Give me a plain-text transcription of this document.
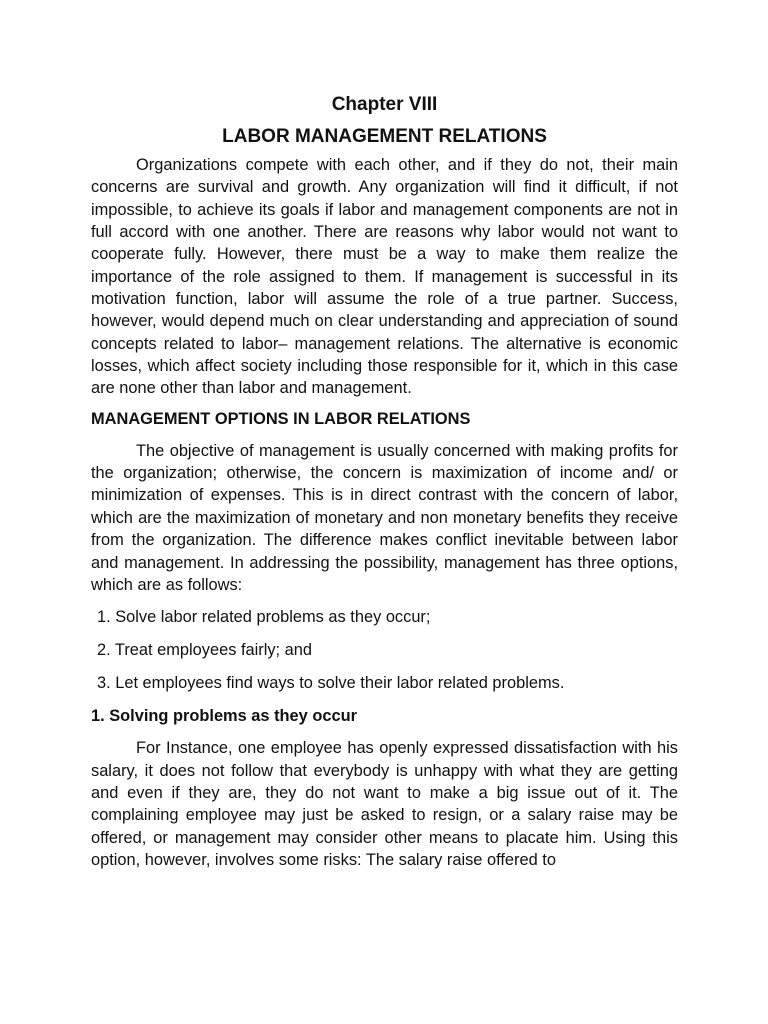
Chapter VIII
LABOR MANAGEMENT RELATIONS

Organizations compete with each other, and if they do not, their main concerns are survival and growth. Any organization will find it difficult, if not impossible, to achieve its goals if labor and management components are not in full accord with one another. There are reasons why labor would not want to cooperate fully. However, there must be a way to make them realize the importance of the role assigned to them. If management is successful in its motivation function, labor will assume the role of a true partner. Success, however, would depend much on clear understanding and appreciation of sound concepts related to labor– management relations. The alternative is economic losses, which affect society including those responsible for it, which in this case are none other than labor and management.

MANAGEMENT OPTIONS IN LABOR RELATIONS

The objective of management is usually concerned with making profits for the organization; otherwise, the concern is maximization of income and/ or minimization of expenses. This is in direct contrast with the concern of labor, which are the maximization of monetary and non monetary benefits they receive from the organization. The difference makes conflict inevitable between labor and management. In addressing the possibility, management has three options, which are as follows:

1. Solve labor related problems as they occur;
2. Treat employees fairly; and
3. Let employees find ways to solve their labor related problems.
1. Solving problems as they occur

For Instance, one employee has openly expressed dissatisfaction with his salary, it does not follow that everybody is unhappy with what they are getting and even if they are, they do not want to make a big issue out of it. The complaining employee may just be asked to resign, or a salary raise may be offered, or management may consider other means to placate him. Using this option, however, involves some risks: The salary raise offered to
